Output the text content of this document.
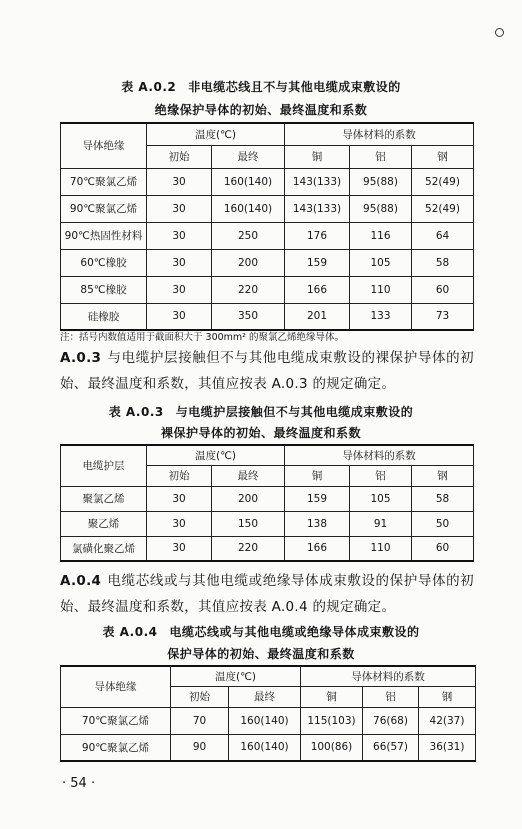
表 A.0.2 非电缆芯线且不与其他电缆成束敷设的
绝缘保护导体的初始、最终温度和系数
导体绝缘	温度(℃)		导体材料的系数		
	初始	最终	铜	铝	钢
70℃聚氯乙烯	30	160(140)	143(133)	95(88)	52(49)
90℃聚氯乙烯	30	160(140)	143(133)	95(88)	52(49)
90℃热固性材料	30	250	176	116	64
60℃橡胶	30	200	159	105	58
85℃橡胶	30	220	166	110	60
硅橡胶	30	350	201	133	73
注：括号内数值适用于截面积大于 300mm² 的聚氯乙烯绝缘导体。
A.0.3 与电缆护层接触但不与其他电缆成束敷设的裸保护导体的初始、最终温度和系数，其值应按表 A.0.3 的规定确定。
表 A.0.3 与电缆护层接触但不与其他电缆成束敷设的
裸保护导体的初始、最终温度和系数
电缆护层	温度(℃)		导体材料的系数		
	初始	最终	铜	铝	钢
聚氯乙烯	30	200	159	105	58
聚乙烯	30	150	138	91	50
氯磺化聚乙烯	30	220	166	110	60
A.0.4 电缆芯线或与其他电缆或绝缘导体成束敷设的保护导体的初始、最终温度和系数，其值应按表 A.0.4 的规定确定。
表 A.0.4 电缆芯线或与其他电缆或绝缘导体成束敷设的
保护导体的初始、最终温度和系数
导体绝缘	温度(℃)		导体材料的系数		
	初始	最终	铜	铝	钢
70℃聚氯乙烯	70	160(140)	115(103)	76(68)	42(37)
90℃聚氯乙烯	90	160(140)	100(86)	66(57)	36(31)
· 54 ·
